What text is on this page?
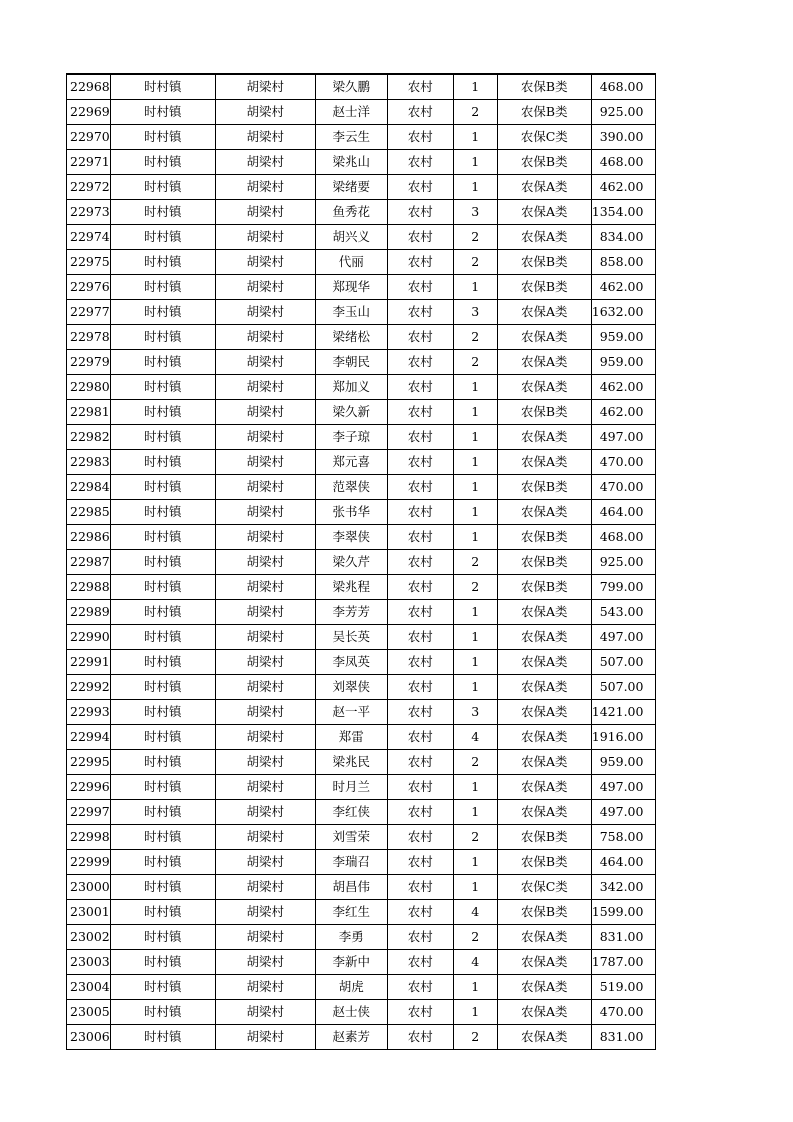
22968	时村镇	胡梁村	梁久鹏	农村	1	农保B类	468.00
22969	时村镇	胡梁村	赵士洋	农村	2	农保B类	925.00
22970	时村镇	胡梁村	李云生	农村	1	农保C类	390.00
22971	时村镇	胡梁村	梁兆山	农村	1	农保B类	468.00
22972	时村镇	胡梁村	梁绪要	农村	1	农保A类	462.00
22973	时村镇	胡梁村	鱼秀花	农村	3	农保A类	1354.00
22974	时村镇	胡梁村	胡兴义	农村	2	农保A类	834.00
22975	时村镇	胡梁村	代丽	农村	2	农保B类	858.00
22976	时村镇	胡梁村	郑现华	农村	1	农保B类	462.00
22977	时村镇	胡梁村	李玉山	农村	3	农保A类	1632.00
22978	时村镇	胡梁村	梁绪松	农村	2	农保A类	959.00
22979	时村镇	胡梁村	李朝民	农村	2	农保A类	959.00
22980	时村镇	胡梁村	郑加义	农村	1	农保A类	462.00
22981	时村镇	胡梁村	梁久新	农村	1	农保B类	462.00
22982	时村镇	胡梁村	李子琼	农村	1	农保A类	497.00
22983	时村镇	胡梁村	郑元喜	农村	1	农保A类	470.00
22984	时村镇	胡梁村	范翠侠	农村	1	农保B类	470.00
22985	时村镇	胡梁村	张书华	农村	1	农保A类	464.00
22986	时村镇	胡梁村	李翠侠	农村	1	农保B类	468.00
22987	时村镇	胡梁村	梁久芹	农村	2	农保B类	925.00
22988	时村镇	胡梁村	梁兆程	农村	2	农保B类	799.00
22989	时村镇	胡梁村	李芳芳	农村	1	农保A类	543.00
22990	时村镇	胡梁村	吴长英	农村	1	农保A类	497.00
22991	时村镇	胡梁村	李凤英	农村	1	农保A类	507.00
22992	时村镇	胡梁村	刘翠侠	农村	1	农保A类	507.00
22993	时村镇	胡梁村	赵一平	农村	3	农保A类	1421.00
22994	时村镇	胡梁村	郑雷	农村	4	农保A类	1916.00
22995	时村镇	胡梁村	梁兆民	农村	2	农保A类	959.00
22996	时村镇	胡梁村	时月兰	农村	1	农保A类	497.00
22997	时村镇	胡梁村	李红侠	农村	1	农保A类	497.00
22998	时村镇	胡梁村	刘雪荣	农村	2	农保B类	758.00
22999	时村镇	胡梁村	李瑞召	农村	1	农保B类	464.00
23000	时村镇	胡梁村	胡昌伟	农村	1	农保C类	342.00
23001	时村镇	胡梁村	李红生	农村	4	农保B类	1599.00
23002	时村镇	胡梁村	李勇	农村	2	农保A类	831.00
23003	时村镇	胡梁村	李新中	农村	4	农保A类	1787.00
23004	时村镇	胡梁村	胡虎	农村	1	农保A类	519.00
23005	时村镇	胡梁村	赵士侠	农村	1	农保A类	470.00
23006	时村镇	胡梁村	赵素芳	农村	2	农保A类	831.00
